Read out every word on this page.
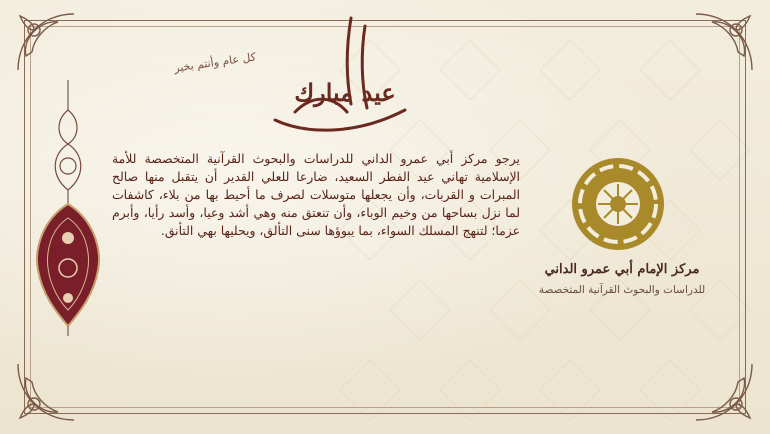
عيد مبارك
كل عام وأنتم بخير

يرجو مركز أبي عمرو الداني للدراسات والبحوث القرآنية المتخصصة للأمة الإسلامية تهاني عيد الفطر السعيد، ضارعا للعلي القدير أن يتقبل منها صالح المبرات و القربات، وأن يجعلها متوسلات لصرف ما أحيط بها من بلاء، كاشفات لما نزل بساحها من وخيم الوباء، وأن تنعتق منه وهي أشد وعيا، وأسد رأيا، وأبرم عزما؛ لتنهج المسلك السواء، بما يبوؤها سنى التألق، ويحليها بهي التأنق.

مركز الإمام أبي عمرو الداني
للدراسات والبحوث القرآنية المتخصصة
